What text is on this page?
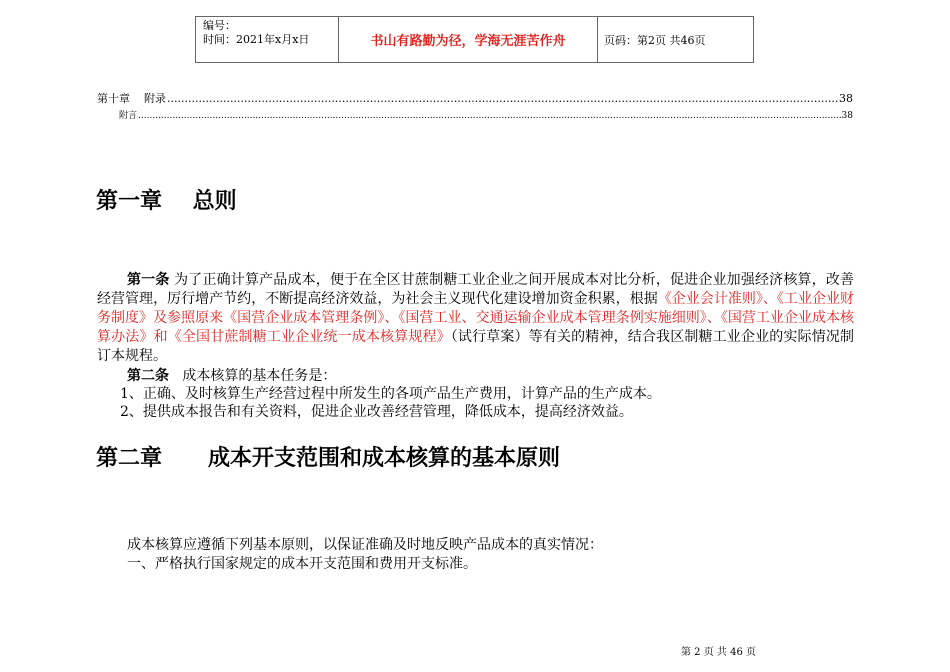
编号：
时间：2021年x月x日	书山有路勤为径，学海无涯苦作舟	页码：第2页 共46页
第十章    附录 .....	38
附言 .....	38
第一章    总则
第一条 为了正确计算产品成本，便于在全区甘蔗制糖工业企业之间开展成本对比分析，促进企业加强经济核算，改善经营管理，厉行增产节约，不断提高经济效益，为社会主义现代化建设增加资金积累，根据《企业会计准则》、《工业企业财务制度》及参照原来《国营企业成本管理条例》、《国营工业、交通运输企业成本管理条例实施细则》、《国营工业企业成本核算办法》和《全国甘蔗制糖工业企业统一成本核算规程》（试行草案）等有关的精神，结合我区制糖工业企业的实际情况制订本规程。
第二条   成本核算的基本任务是：
1、正确、及时核算生产经营过程中所发生的各项产品生产费用，计算产品的生产成本。
2、提供成本报告和有关资料，促进企业改善经营管理，降低成本，提高经济效益。
第二章      成本开支范围和成本核算的基本原则
成本核算应遵循下列基本原则，以保证准确及时地反映产品成本的真实情况：
一、严格执行国家规定的成本开支范围和费用开支标准。
第 2 页 共 46 页
